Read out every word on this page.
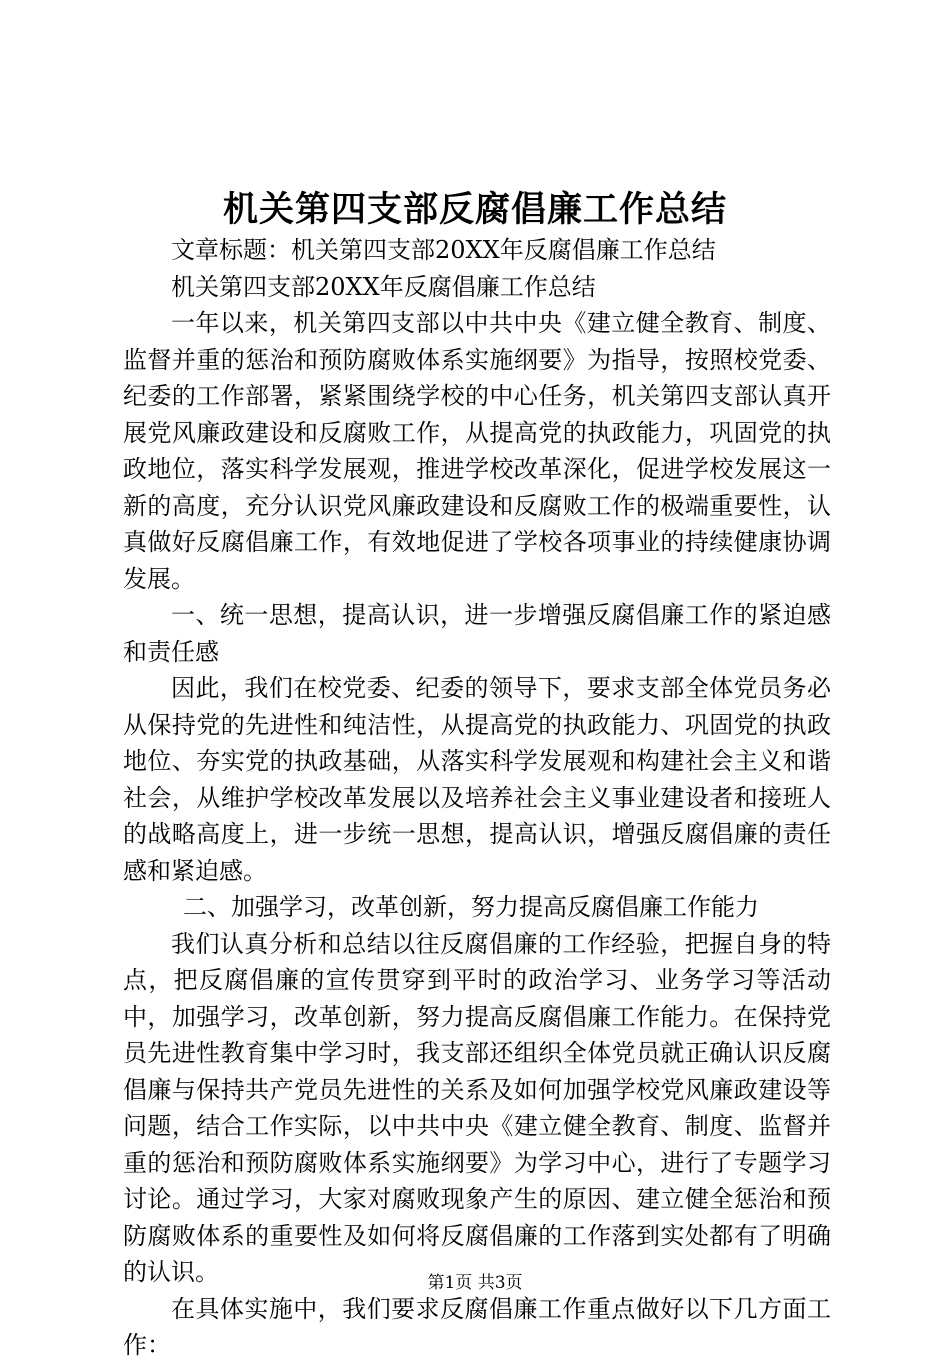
机关第四支部反腐倡廉工作总结

文章标题：机关第四支部20XX年反腐倡廉工作总结

机关第四支部20XX年反腐倡廉工作总结

一年以来，机关第四支部以中共中央《建立健全教育、制度、监督并重的惩治和预防腐败体系实施纲要》为指导，按照校党委、纪委的工作部署，紧紧围绕学校的中心任务，机关第四支部认真开展党风廉政建设和反腐败工作，从提高党的执政能力，巩固党的执政地位，落实科学发展观，推进学校改革深化，促进学校发展这一新的高度，充分认识党风廉政建设和反腐败工作的极端重要性，认真做好反腐倡廉工作，有效地促进了学校各项事业的持续健康协调发展。

一、统一思想，提高认识，进一步增强反腐倡廉工作的紧迫感和责任感

因此，我们在校党委、纪委的领导下，要求支部全体党员务必从保持党的先进性和纯洁性，从提高党的执政能力、巩固党的执政地位、夯实党的执政基础，从落实科学发展观和构建社会主义和谐社会，从维护学校改革发展以及培养社会主义事业建设者和接班人的战略高度上，进一步统一思想，提高认识，增强反腐倡廉的责任感和紧迫感。

二、加强学习，改革创新，努力提高反腐倡廉工作能力

我们认真分析和总结以往反腐倡廉的工作经验，把握自身的特点，把反腐倡廉的宣传贯穿到平时的政治学习、业务学习等活动中，加强学习，改革创新，努力提高反腐倡廉工作能力。在保持党员先进性教育集中学习时，我支部还组织全体党员就正确认识反腐倡廉与保持共产党员先进性的关系及如何加强学校党风廉政建设等问题，结合工作实际，以中共中央《建立健全教育、制度、监督并重的惩治和预防腐败体系实施纲要》为学习中心，进行了专题学习讨论。通过学习，大家对腐败现象产生的原因、建立健全惩治和预防腐败体系的重要性及如何将反腐倡廉的工作落到实处都有了明确的认识。

在具体实施中，我们要求反腐倡廉工作重点做好以下几方面工作：

第1页 共3页
